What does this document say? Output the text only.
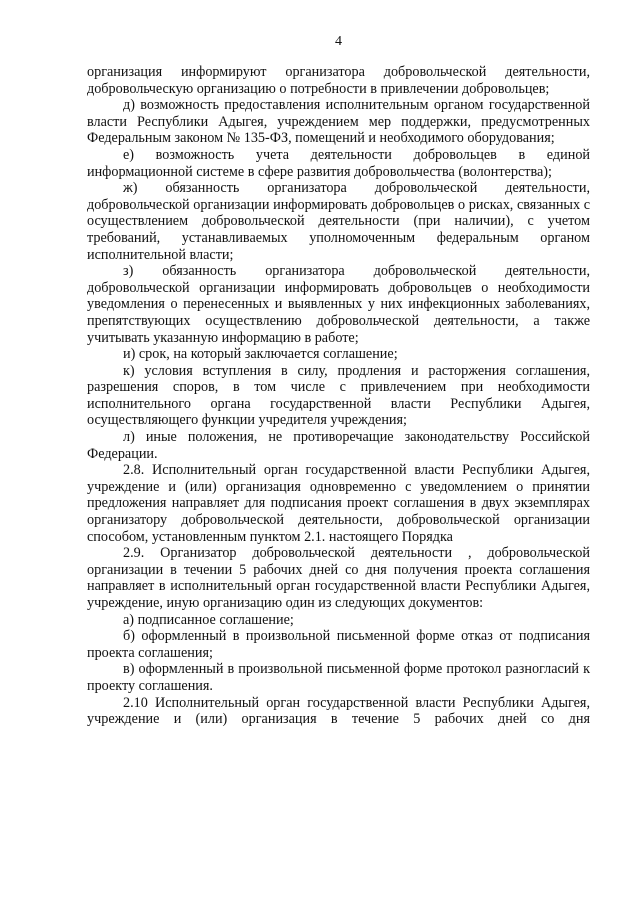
4

организация информируют организатора добровольческой деятельности, добровольческую организацию о потребности в привлечении добровольцев;

д) возможность предоставления исполнительным органом государственной власти Республики Адыгея, учреждением мер поддержки, предусмотренных Федеральным законом № 135-ФЗ, помещений и необходимого оборудования;

е) возможность учета деятельности добровольцев в единой информационной системе в сфере развития добровольчества (волонтерства);

ж) обязанность организатора добровольческой деятельности, добровольческой организации информировать добровольцев о рисках, связанных с осуществлением добровольческой деятельности (при наличии), с учетом требований, устанавливаемых уполномоченным федеральным органом исполнительной власти;

з) обязанность организатора добровольческой деятельности, добровольческой организации информировать добровольцев о необходимости уведомления о перенесенных и выявленных у них инфекционных заболеваниях, препятствующих осуществлению добровольческой деятельности, а также учитывать указанную информацию в работе;

и) срок, на который заключается соглашение;

к) условия вступления в силу, продления и расторжения соглашения, разрешения споров, в том числе с привлечением при необходимости исполнительного органа государственной власти Республики Адыгея, осуществляющего функции учредителя учреждения;

л) иные положения, не противоречащие законодательству Российской Федерации.

2.8. Исполнительный орган государственной власти Республики Адыгея, учреждение и (или) организация одновременно с уведомлением о принятии предложения направляет для подписания проект соглашения в двух экземплярах организатору добровольческой деятельности, добровольческой организации способом, установленным пунктом 2.1. настоящего Порядка

2.9. Организатор добровольческой деятельности , добровольческой организации в течении 5 рабочих дней со дня получения проекта соглашения направляет в исполнительный орган государственной власти Республики Адыгея, учреждение, иную организацию один из следующих документов:

а) подписанное соглашение;

б) оформленный в произвольной письменной форме отказ от подписания проекта соглашения;

в) оформленный в произвольной письменной форме протокол разногласий к проекту соглашения.

2.10 Исполнительный орган государственной власти Республики Адыгея, учреждение и (или) организация в течение 5 рабочих дней со дня
